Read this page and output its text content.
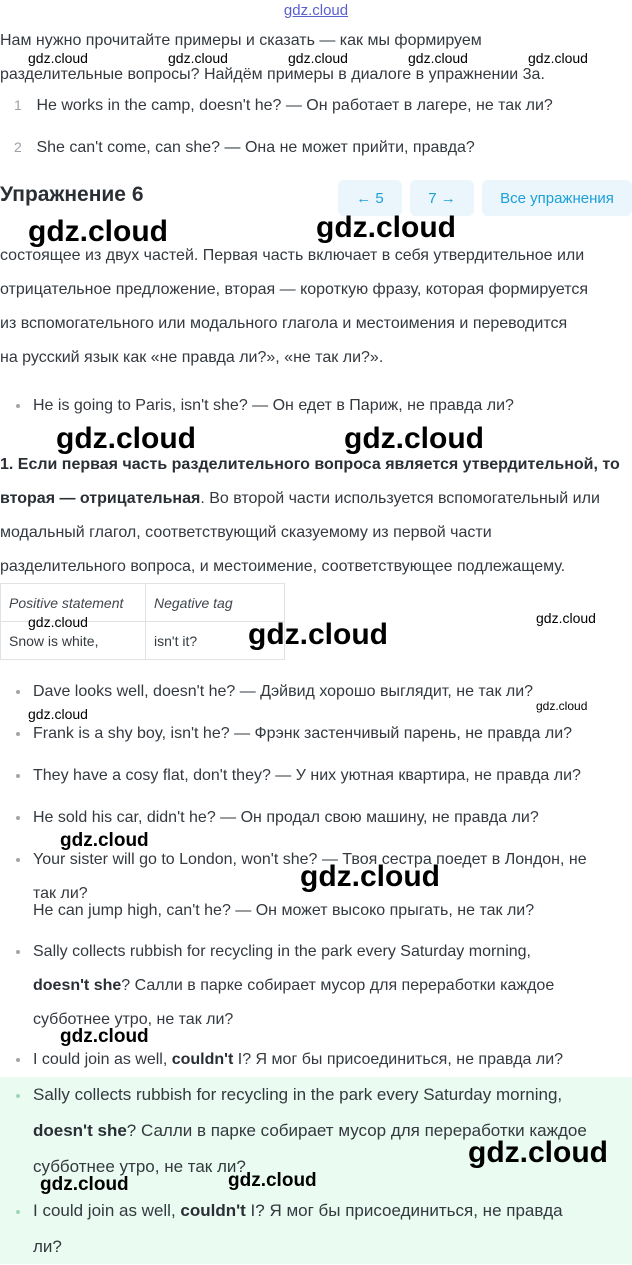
gdz.cloud
Нам нужно прочитайте примеры и сказать — как мы формируем
разделительные вопросы? Найдём примеры в диалоге в упражнении 3а.
1 He works in the camp, doesn't he? — Он работает в лагере, не так ли?
2 She can't come, can she? — Она не может прийти, правда?
Упражнение 6	← 5	7 →	Все упражнения
состоящее из двух частей. Первая часть включает в себя утвердительное или
отрицательное предложение, вторая — короткую фразу, которая формируется
из вспомогательного или модального глагола и местоимения и переводится
на русский язык как «не правда ли?», «не так ли?».
He is going to Paris, isn't she? — Он едет в Париж, не правда ли?
1. Если первая часть разделительного вопроса является утвердительной, то
вторая — отрицательная. Во второй части используется вспомогательный или
модальный глагол, соответствующий сказуемому из первой части
разделительного вопроса, и местоимение, соответствующее подлежащему.
Positive statement	Negative tag
Snow is white,	isn't it?
Dave looks well, doesn't he? — Дэйвид хорошо выглядит, не так ли?
Frank is a shy boy, isn't he? — Фрэнк застенчивый парень, не правда ли?
They have a cosy flat, don't they? — У них уютная квартира, не правда ли?
He sold his car, didn't he? — Он продал свою машину, не правда ли?
Your sister will go to London, won't she? — Твоя сестра поедет в Лондон, не
так ли?
He can jump high, can't he? — Он может высоко прыгать, не так ли?
Sally collects rubbish for recycling in the park every Saturday morning,
doesn't she? Салли в парке собирает мусор для переработки каждое
субботнее утро, не так ли?
I could join as well, couldn't I? Я мог бы присоединиться, не правда ли?
Sally collects rubbish for recycling in the park every Saturday morning,
doesn't she? Салли в парке собирает мусор для переработки каждое
субботнее утро, не так ли?
I could join as well, couldn't I? Я мог бы присоединиться, не правда
ли?
gdz.cloud	gdz.cloud	gdz.cloud	gdz.cloud	gdz.cloud
gdz.cloud	gdz.cloud
gdz.cloud	gdz.cloud
gdz.cloud	gdz.cloud	gdz.cloud
gdz.cloud	gdz.cloud
gdz.cloud
gdz.cloud
gdz.cloud
gdz.cloud
gdz.cloud	gdz.cloud
